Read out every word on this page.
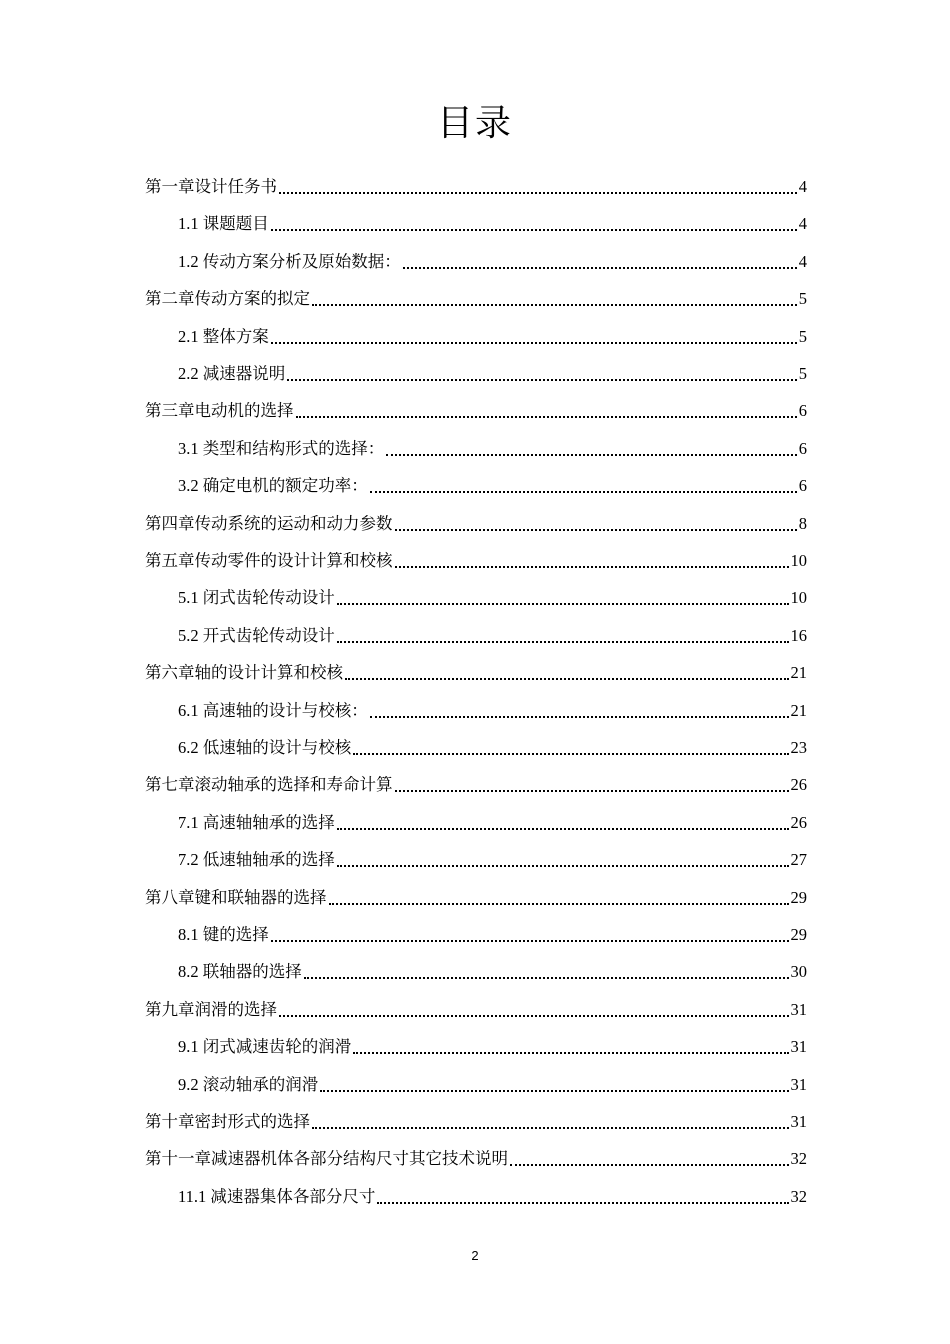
目录
第一章设计任务书	4
1.1 课题题目	4
1.2 传动方案分析及原始数据：	4
第二章传动方案的拟定	5
2.1 整体方案	5
2.2 减速器说明	5
第三章电动机的选择	6
3.1 类型和结构形式的选择：	6
3.2 确定电机的额定功率：	6
第四章传动系统的运动和动力参数	8
第五章传动零件的设计计算和校核	10
5.1 闭式齿轮传动设计	10
5.2 开式齿轮传动设计	16
第六章轴的设计计算和校核	21
6.1 高速轴的设计与校核：	21
6.2 低速轴的设计与校核	23
第七章滚动轴承的选择和寿命计算	26
7.1 高速轴轴承的选择	26
7.2 低速轴轴承的选择	27
第八章键和联轴器的选择	29
8.1 键的选择	29
8.2 联轴器的选择	30
第九章润滑的选择	31
9.1 闭式减速齿轮的润滑	31
9.2 滚动轴承的润滑	31
第十章密封形式的选择	31
第十一章减速器机体各部分结构尺寸其它技术说明	32
11.1 减速器集体各部分尺寸	32
2
